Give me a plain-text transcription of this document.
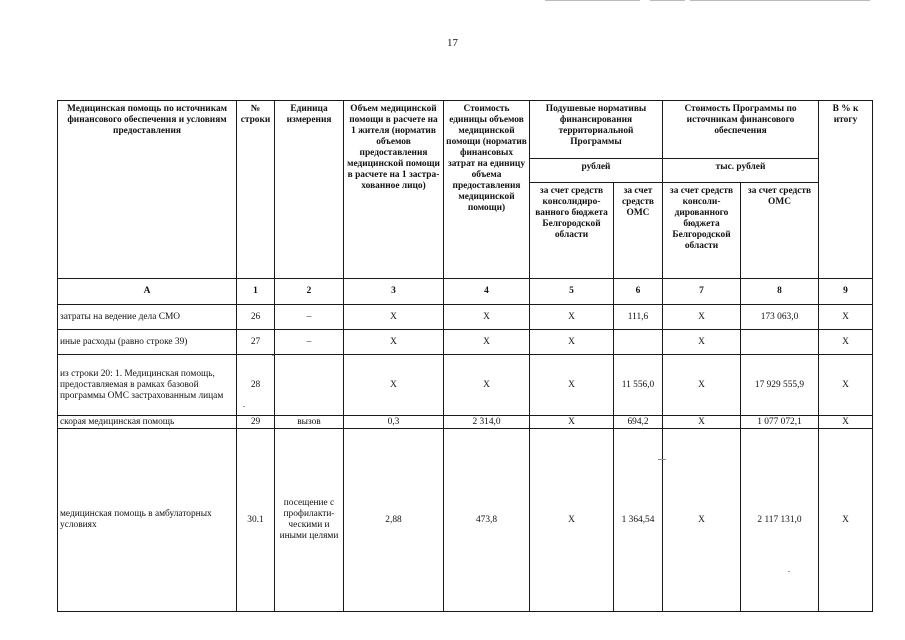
17
Медицинская помощь по источникам финансового обеспечения и условиям предоставления	№ строки	Единица измерения	Объем медицинской помощи в расчете на 1 жителя (норматив объемов предоставления медицинской помощи в расчете на 1 застра-хованное лицо)	Стоимость единицы объемов медицинской помощи (норматив финансовых затрат на единицу объема предоставления медицинской помощи)	Подушевые нормативы финансирования территориальной Программы		Стоимость Программы по источникам финансового обеспечения		В % к итогу
					рублей		тыс. рублей		
					за счет средств консолидиро-ванного бюджета Белгородской области	за счет средств ОМС	за счет средств консоли-дированного бюджета Белгородской области	за счет средств ОМС	
А	1	2	3	4	5	6	7	8	9
затраты на ведение дела СМО	26	–	Х	Х	Х	111,6	Х	173 063,0	Х
иные расходы (равно строке 39)	27	–	Х	Х	Х		Х		Х
из строки 20: 1. Медицинская помощь, предоставляемая в рамках базовой программы ОМС застрахованным лицам	28		Х	Х	Х	11 556,0	Х	17 929 555,9	Х
скорая медицинская помощь	29	вызов	0,3	2 314,0	Х	694,2	Х	1 077 072,1	Х
медицинская помощь в амбулаторных условиях	30.1	посещение с профилакти-ческими и иными целями	2,88	473,8	Х	1 364,54	Х	2 117 131,0	Х
